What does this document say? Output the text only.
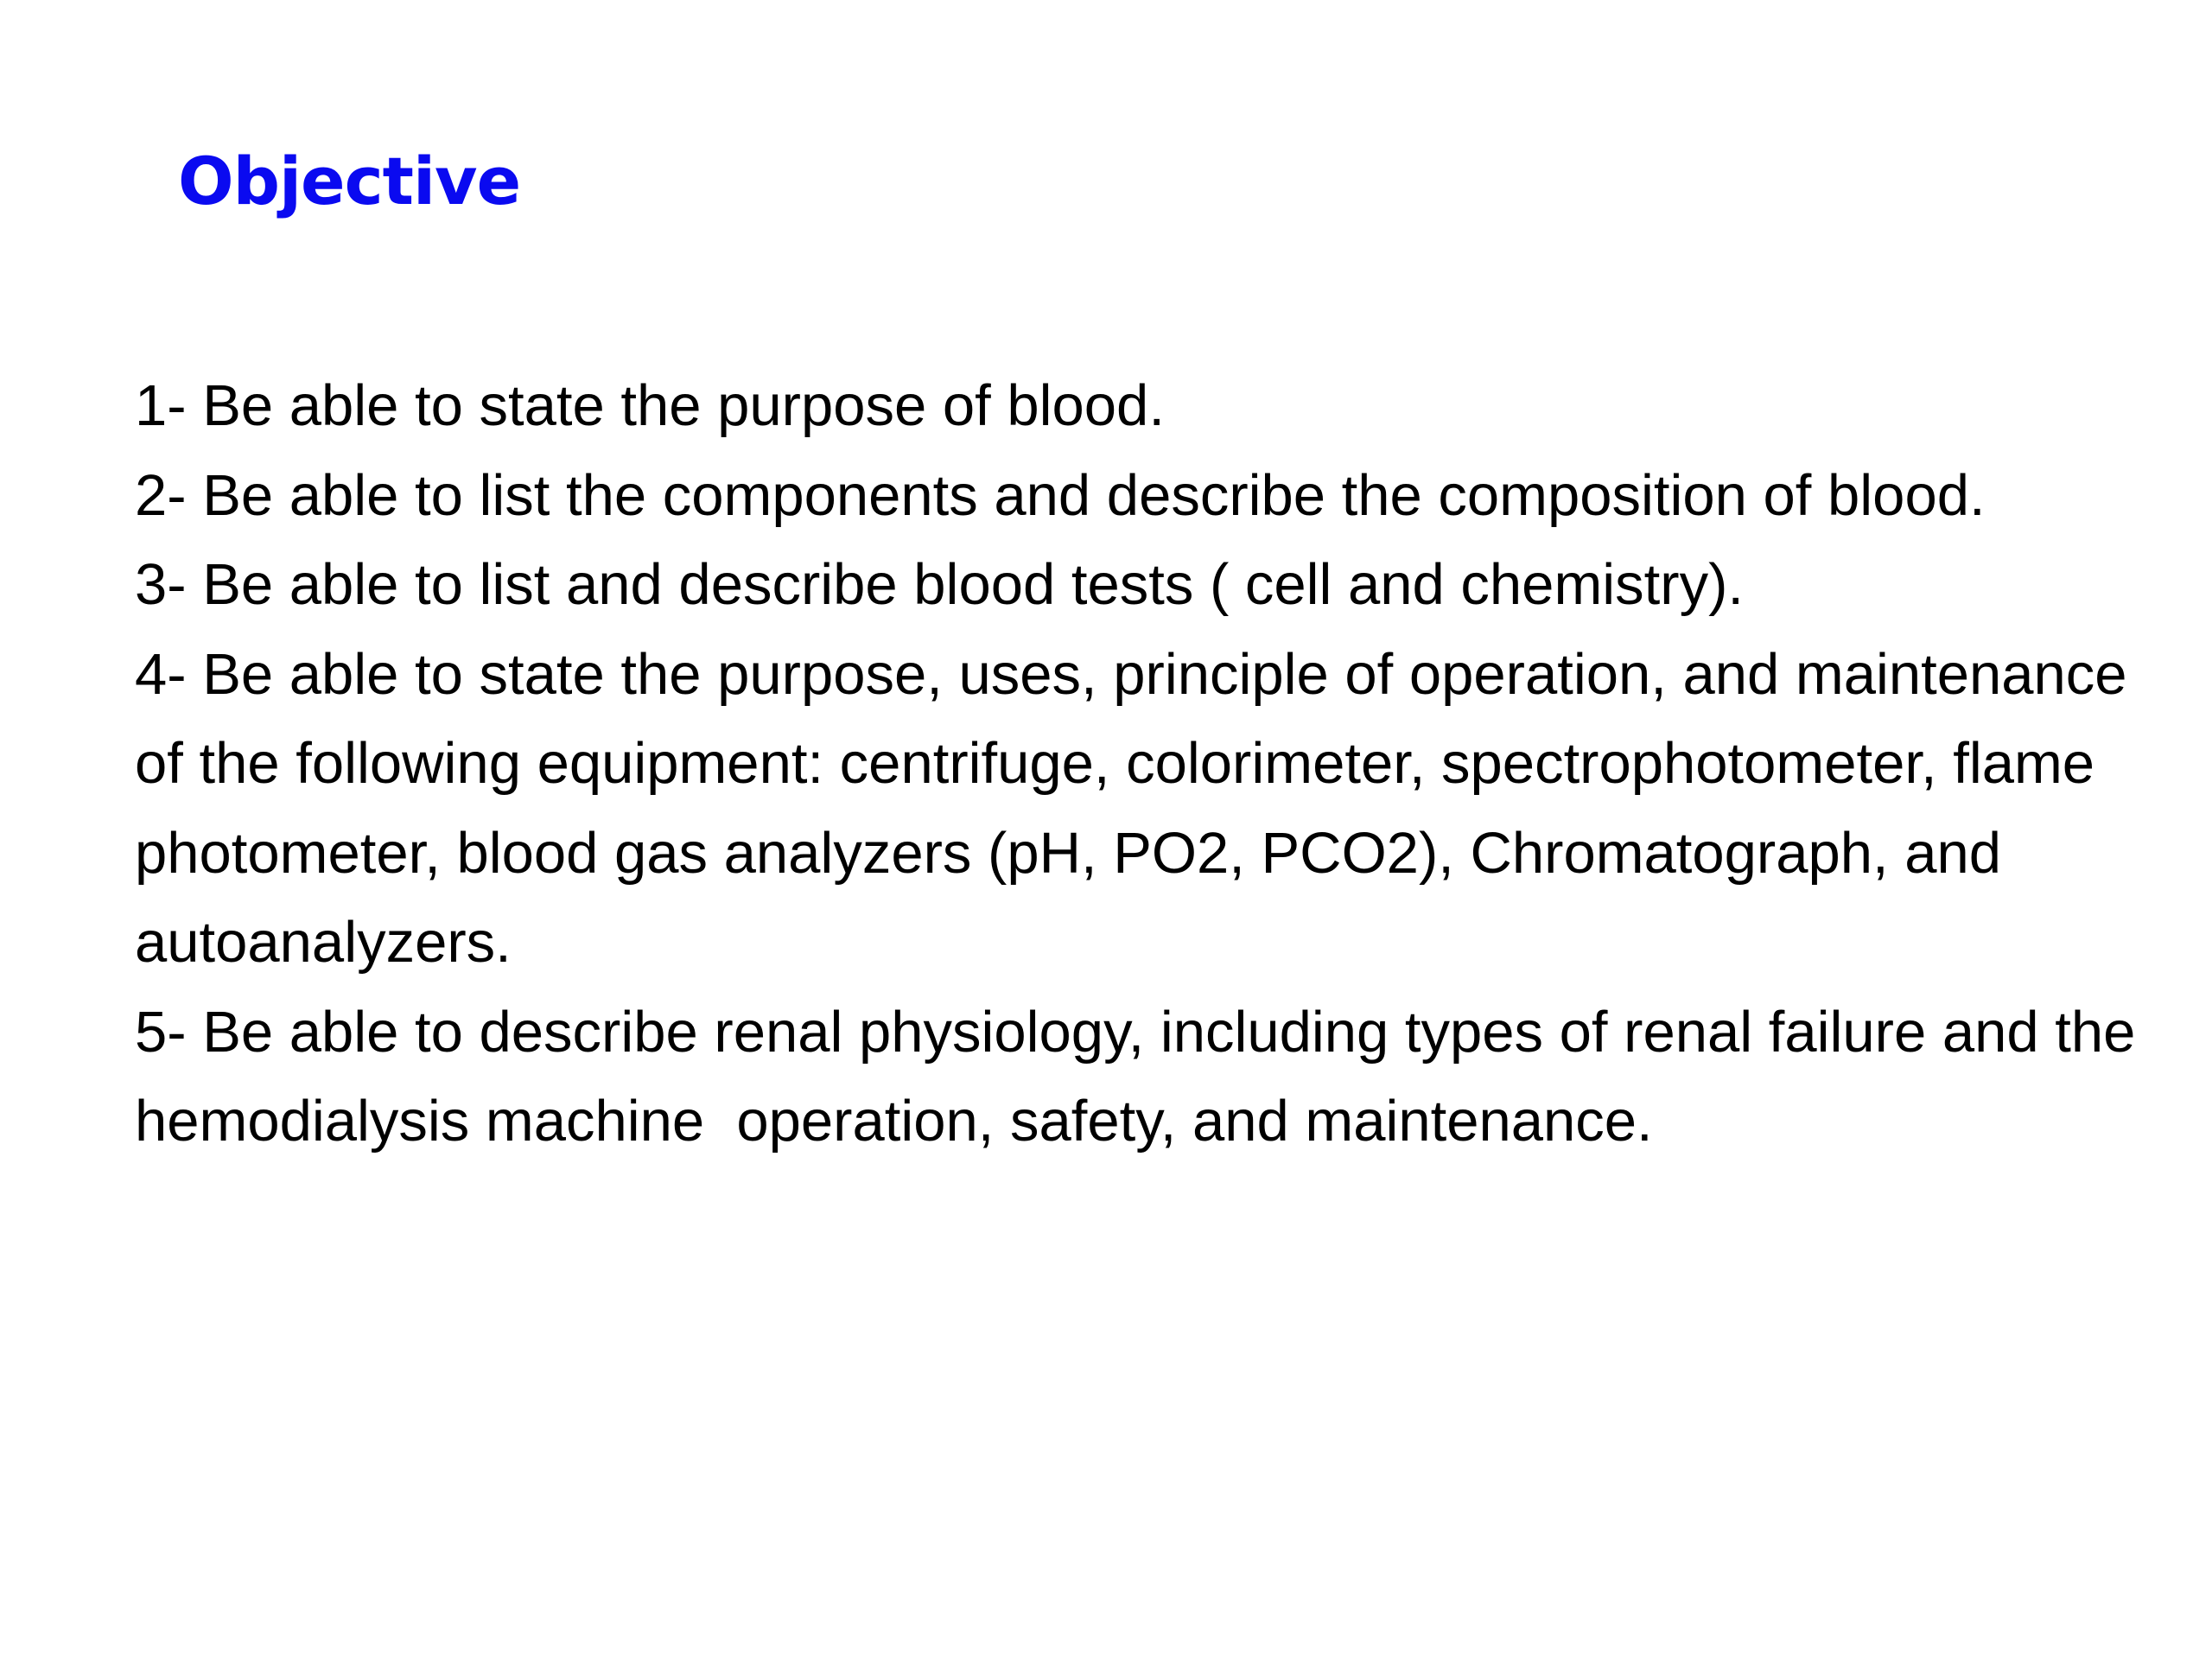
Objective
1- Be able to state the purpose of blood.
2- Be able to list the components and describe the composition of blood.
3- Be able to list and describe blood tests ( cell and chemistry).
4- Be able to state the purpose, uses, principle of operation, and maintenance of the following equipment: centrifuge, colorimeter, spectrophotometer, flame photometer, blood gas analyzers (pH, PO2, PCO2), Chromatograph, and autoanalyzers.
5- Be able to describe renal physiology, including types of renal failure and the hemodialysis machine  operation, safety, and maintenance.
